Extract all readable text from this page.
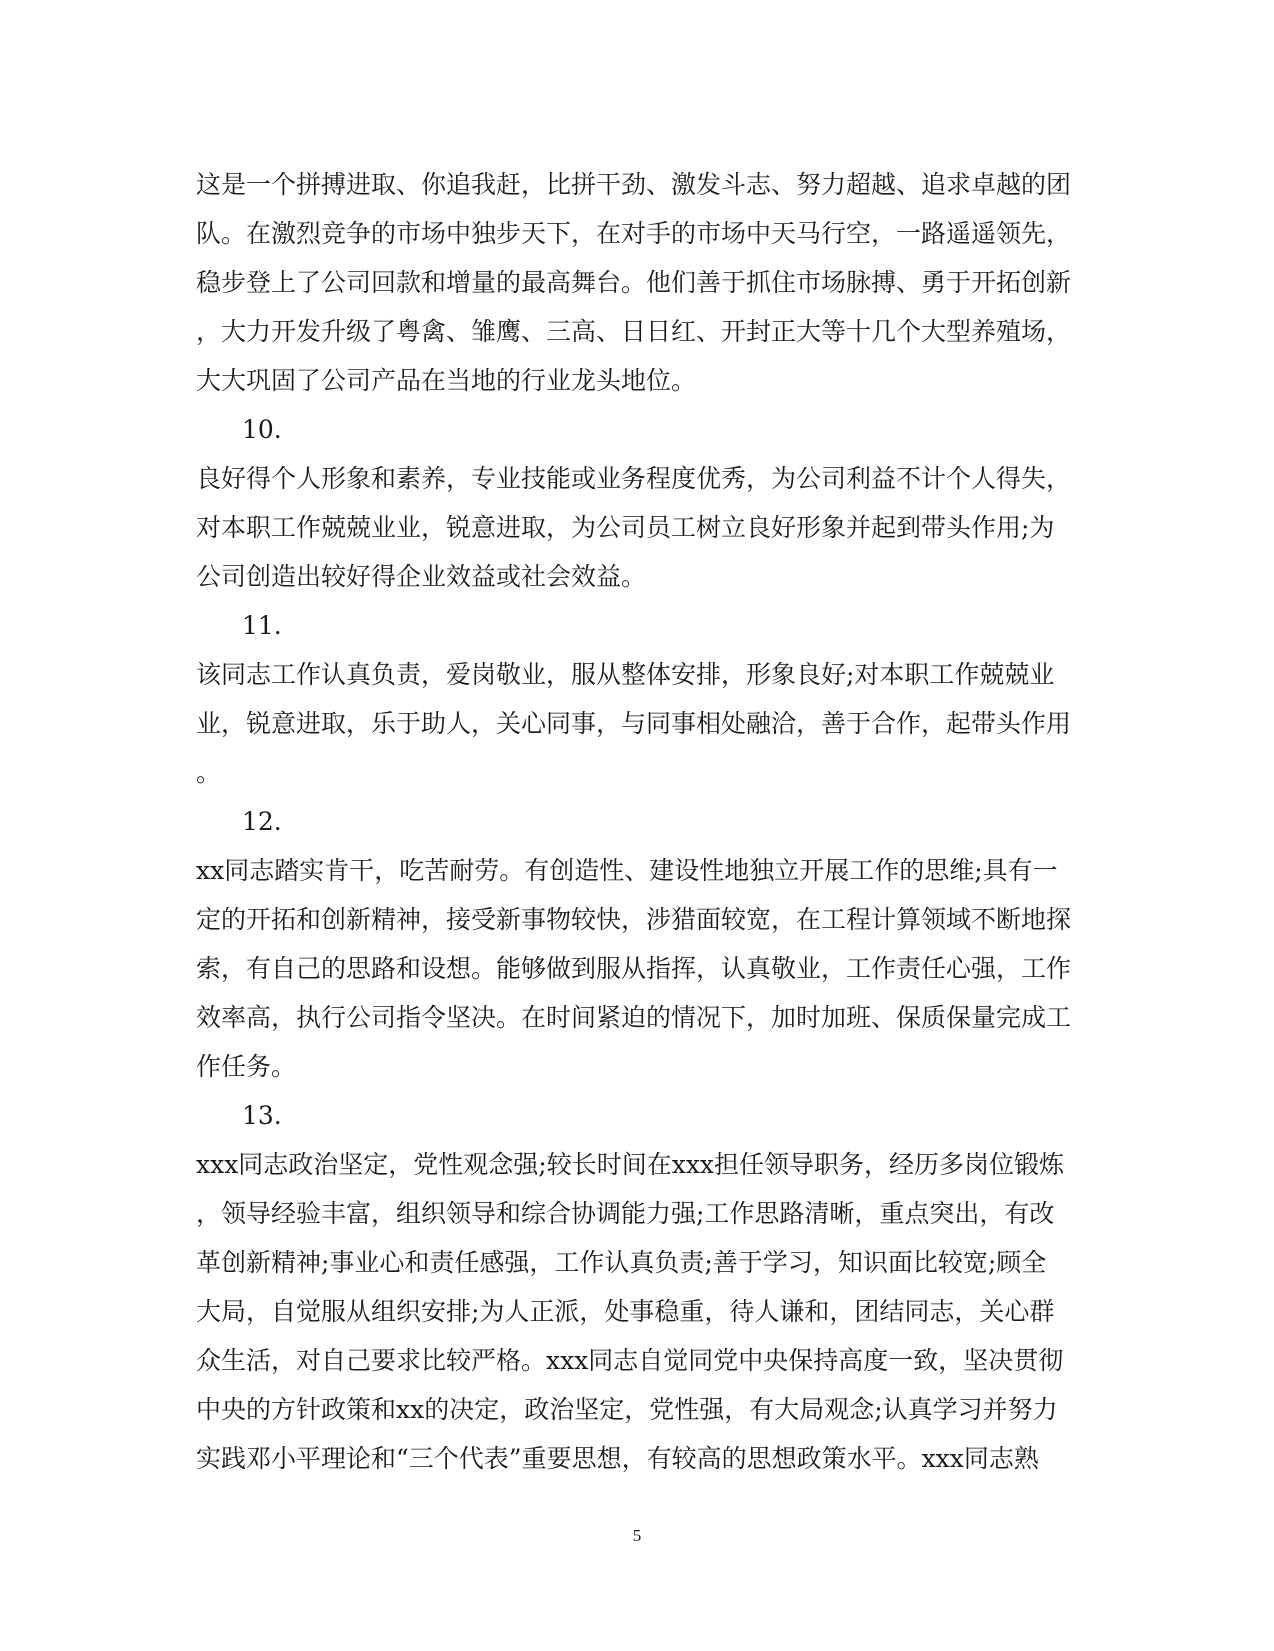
这是一个拼搏进取、你追我赶，比拼干劲、激发斗志、努力超越、追求卓越的团
队。在激烈竞争的市场中独步天下，在对手的市场中天马行空，一路遥遥领先，
稳步登上了公司回款和增量的最高舞台。他们善于抓住市场脉搏、勇于开拓创新
，大力开发升级了粤禽、雏鹰、三高、日日红、开封正大等十几个大型养殖场，
大大巩固了公司产品在当地的行业龙头地位。
10.
良好得个人形象和素养，专业技能或业务程度优秀，为公司利益不计个人得失，
对本职工作兢兢业业，锐意进取，为公司员工树立良好形象并起到带头作用;为
公司创造出较好得企业效益或社会效益。
11.
该同志工作认真负责，爱岗敬业，服从整体安排，形象良好;对本职工作兢兢业
业，锐意进取，乐于助人，关心同事，与同事相处融洽，善于合作，起带头作用
。
12.
xx同志踏实肯干，吃苦耐劳。有创造性、建设性地独立开展工作的思维;具有一
定的开拓和创新精神，接受新事物较快，涉猎面较宽，在工程计算领域不断地探
索，有自己的思路和设想。能够做到服从指挥，认真敬业，工作责任心强，工作
效率高，执行公司指令坚决。在时间紧迫的情况下，加时加班、保质保量完成工
作任务。
13.
xxx同志政治坚定，党性观念强;较长时间在xxx担任领导职务，经历多岗位锻炼
，领导经验丰富，组织领导和综合协调能力强;工作思路清晰，重点突出，有改
革创新精神;事业心和责任感强，工作认真负责;善于学习，知识面比较宽;顾全
大局，自觉服从组织安排;为人正派，处事稳重，待人谦和，团结同志，关心群
众生活，对自己要求比较严格。xxx同志自觉同党中央保持高度一致，坚决贯彻
中央的方针政策和xx的决定，政治坚定，党性强，有大局观念;认真学习并努力
实践邓小平理论和“三个代表”重要思想，有较高的思想政策水平。xxx同志熟
5
